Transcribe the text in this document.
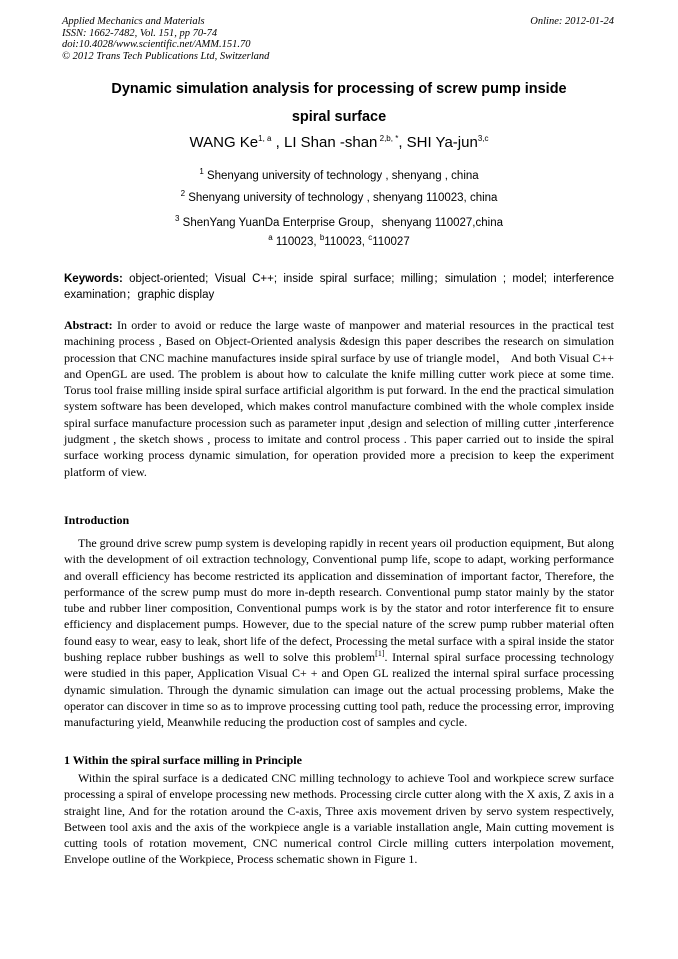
Applied Mechanics and Materials
ISSN: 1662-7482, Vol. 151, pp 70-74
doi:10.4028/www.scientific.net/AMM.151.70
© 2012 Trans Tech Publications Ltd, Switzerland
Online: 2012-01-24
Dynamic simulation analysis for processing of screw pump inside
spiral surface
WANG Ke$^{1, a}$ , LI Shan -shan $^{2,b, *}$, SHI Ya-jun$^{3,c}$
$^1$ Shenyang university of technology , shenyang , china
$^2$ Shenyang university of technology , shenyang 110023, china
$^3$ ShenYang YuanDa Enterprise Group，shenyang 110027,china
$^a$ 110023, $^b$110023, $^c$110027
Keywords: object-oriented; Visual C++; inside spiral surface; milling；simulation ; model; interference examination；graphic display
Abstract: In order to avoid or reduce the large waste of manpower and material resources in the practical test machining process , Based on Object-Oriented analysis &design this paper describes the research on simulation procession that CNC machine manufactures inside spiral surface by use of triangle model， And both Visual C++ and OpenGL are used. The problem is about how to calculate the knife milling cutter work piece at some time. Torus tool fraise milling inside spiral surface artificial algorithm is put forward. In the end the practical simulation system software has been developed, which makes control manufacture combined with the whole complex inside spiral surface manufacture procession such as parameter input ,design and selection of milling cutter ,interference judgment , the sketch shows , process to imitate and control process . This paper carried out to inside the spiral surface working process dynamic simulation, for operation provided more a precision to keep the experiment platform of view.
Introduction
The ground drive screw pump system is developing rapidly in recent years oil production equipment, But along with the development of oil extraction technology, Conventional pump life, scope to adapt, working performance and overall efficiency has become restricted its application and dissemination of important factor, Therefore, the performance of the screw pump must do more in-depth research. Conventional pump stator mainly by the stator tube and rubber liner composition, Conventional pumps work is by the stator and rotor interference fit to ensure efficiency and displacement pumps. However, due to the special nature of the screw pump rubber material often found easy to wear, easy to leak, short life of the defect, Processing the metal surface with a spiral inside the stator bushing replace rubber bushings as well to solve this problem[1]. Internal spiral surface processing technology were studied in this paper, Application Visual C+ + and Open GL realized the internal spiral surface processing dynamic simulation. Through the dynamic simulation can image out the actual processing problems, Make the operator can discover in time so as to improve processing cutting tool path, reduce the processing error, improving manufacturing yield, Meanwhile reducing the production cost of samples and cycle.
1 Within the spiral surface milling in Principle
Within the spiral surface is a dedicated CNC milling technology to achieve Tool and workpiece screw surface processing a spiral of envelope processing new methods. Processing circle cutter along with the X axis, Z axis in a straight line, And for the rotation around the C-axis, Three axis movement driven by servo system respectively, Between tool axis and the axis of the workpiece angle is a variable installation angle, Main cutting movement is cutting tools of rotation movement, CNC numerical control Circle milling cutters interpolation movement, Envelope outline of the Workpiece, Process schematic shown in Figure 1.
